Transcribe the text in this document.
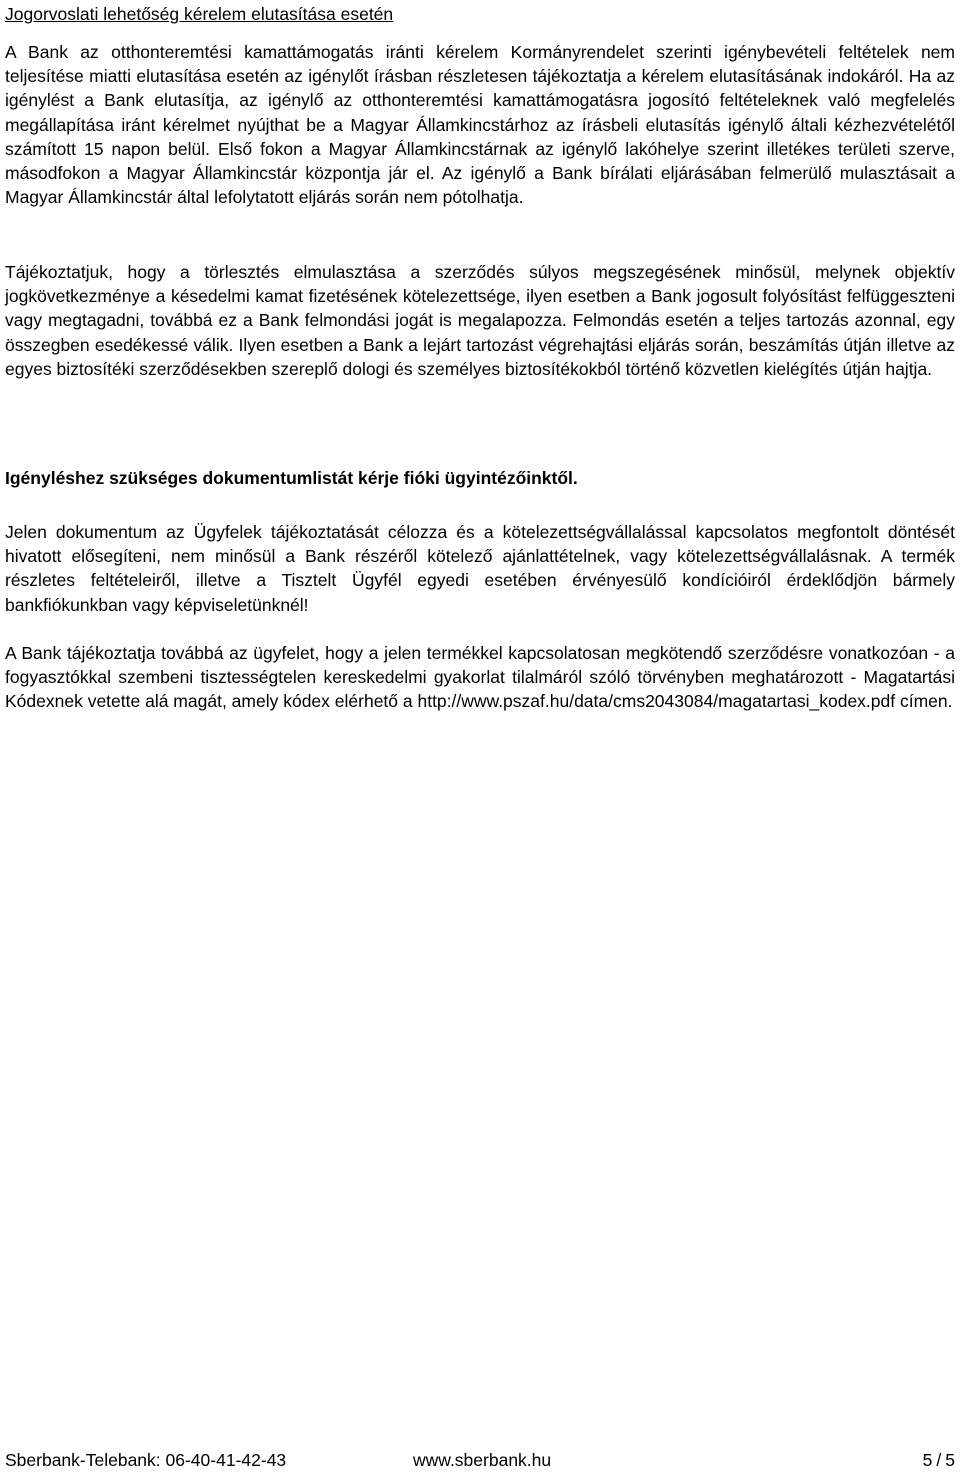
Jogorvoslati lehetőség kérelem elutasítása esetén

A Bank az otthonteremtési kamattámogatás iránti kérelem Kormányrendelet szerinti igénybevételi feltételek nem teljesítése miatti elutasítása esetén az igénylőt írásban részletesen tájékoztatja a kérelem elutasításának indokáról. Ha az igénylést a Bank elutasítja, az igénylő az otthonteremtési kamattámogatásra jogosító feltételeknek való megfelelés megállapítása iránt kérelmet nyújthat be a Magyar Államkincstárhoz az írásbeli elutasítás igénylő általi kézhezvételétől számított 15 napon belül. Első fokon a Magyar Államkincstárnak az igénylő lakóhelye szerint illetékes területi szerve, másodfokon a Magyar Államkincstár központja jár el. Az igénylő a Bank bírálati eljárásában felmerülő mulasztásait a Magyar Államkincstár által lefolytatott eljárás során nem pótolhatja.

Tájékoztatjuk, hogy a törlesztés elmulasztása a szerződés súlyos megszegésének minősül, melynek objektív jogkövetkezménye a késedelmi kamat fizetésének kötelezettsége, ilyen esetben a Bank jogosult folyósítást felfüggeszteni vagy megtagadni, továbbá ez a Bank felmondási jogát is megalapozza. Felmondás esetén a teljes tartozás azonnal, egy összegben esedékessé válik. Ilyen esetben a Bank a lejárt tartozást végrehajtási eljárás során, beszámítás útján illetve az egyes biztosítéki szerződésekben szereplő dologi és személyes biztosítékokból történő közvetlen kielégítés útján hajtja.

Igényléshez szükséges dokumentumlistát kérje fióki ügyintézőinktől.

Jelen dokumentum az Ügyfelek tájékoztatását célozza és a kötelezettségvállalással kapcsolatos megfontolt döntését hivatott elősegíteni, nem minősül a Bank részéről kötelező ajánlattételnek, vagy kötelezettségvállalásnak. A termék részletes feltételeiről, illetve a Tisztelt Ügyfél egyedi esetében érvényesülő kondícióiról érdeklődjön bármely bankfiókunkban vagy képviseletünknél!

A Bank tájékoztatja továbbá az ügyfelet, hogy a jelen termékkel kapcsolatosan megkötendő szerződésre vonatkozóan - a fogyasztókkal szembeni tisztességtelen kereskedelmi gyakorlat tilalmáról szóló törvényben meghatározott - Magatartási Kódexnek vetette alá magát, amely kódex elérhető a http://www.pszaf.hu/data/cms2043084/magatartasi_kodex.pdf címen.

Sberbank-Telebank: 06-40-41-42-43	www.sberbank.hu	5 / 5
